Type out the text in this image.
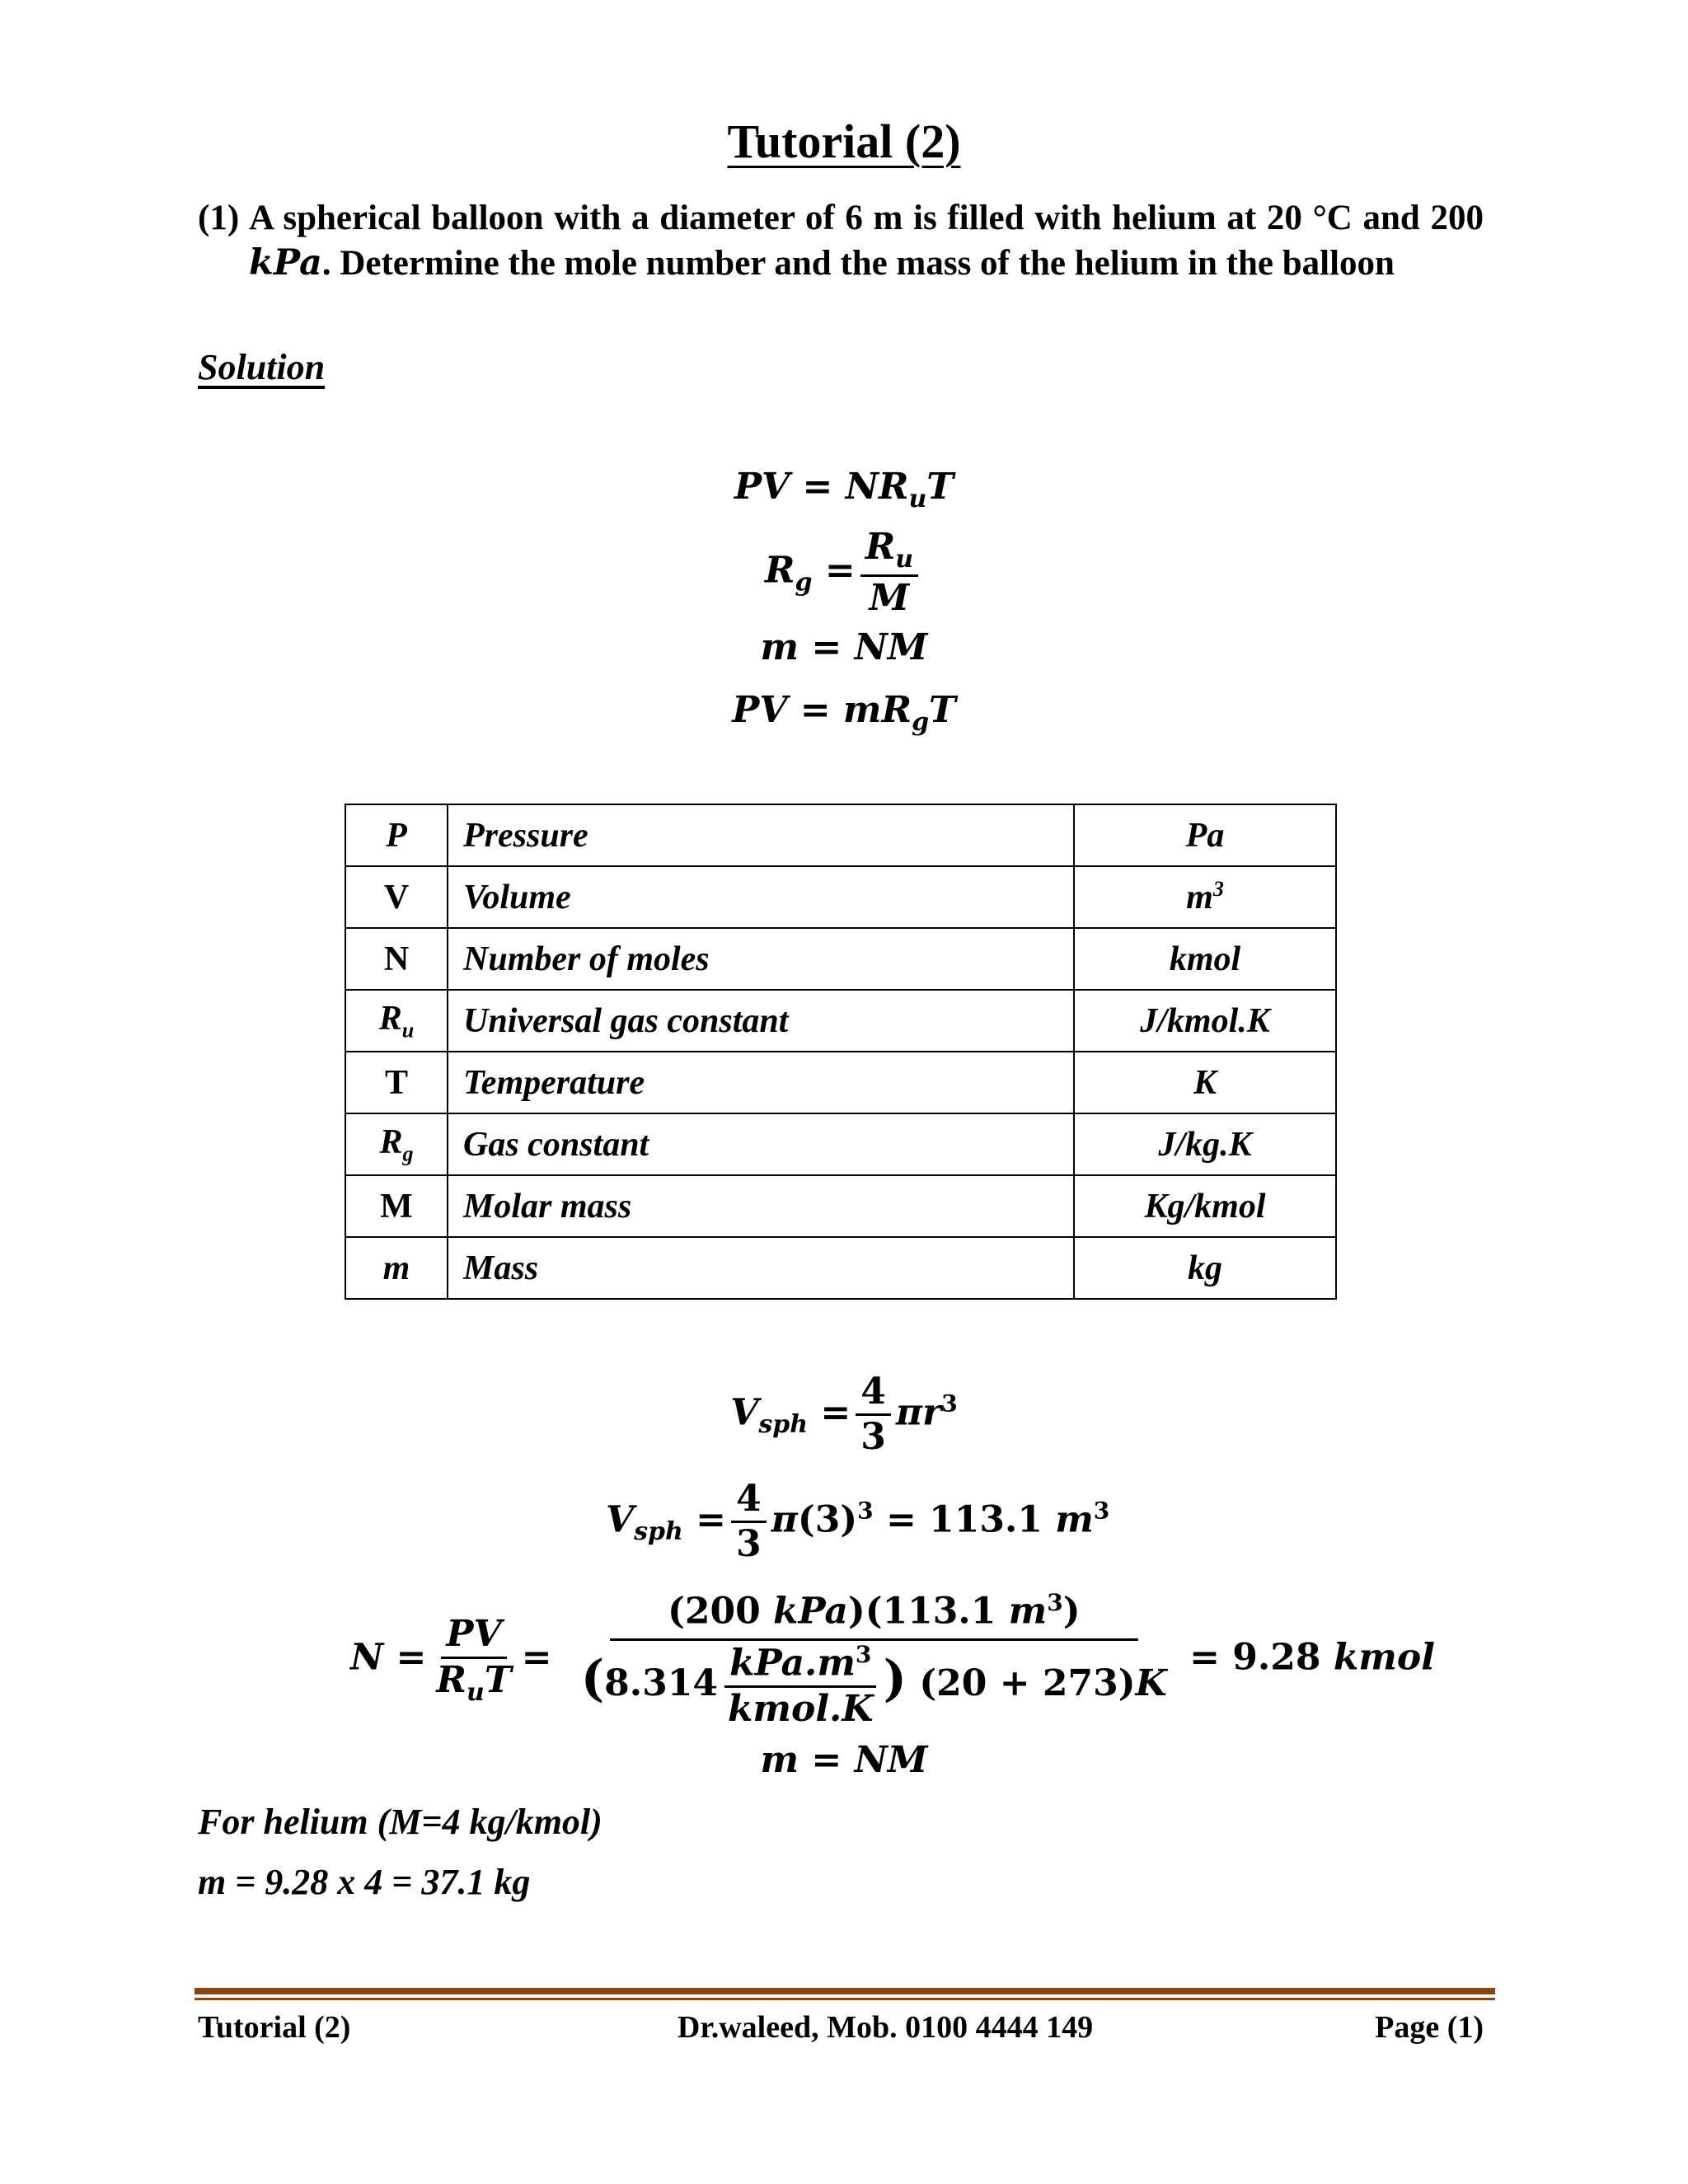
Tutorial (2)
(1) A spherical balloon with a diameter of 6 m is filled with helium at 20 °C and 200 kPa. Determine the mole number and the mass of the helium in the balloon
Solution
PV = $NR_uT$
$R_g = \frac{R_u}{M}$
m = NM
PV = $mR_gT$
P	Pressure	Pa
V	Volume	$m^3$
N	Number of moles	kmol
$R_u$	Universal gas constant	J/kmol.K
T	Temperature	K
$R_g$	Gas constant	J/kg.K
M	Molar mass	Kg/kmol
m	Mass	kg
$V_{sph} = \frac{4}{3} \pi r^3$
$V_{sph} = \frac{4}{3} \pi(3)^3 = 113.1$ $m^3$
$N = \frac{PV}{R_uT} = \frac{(200 kPa)(113.1 m^3)}{(8.314 \frac{kPa.m^3}{\text{kmol.K}} ) (20 + 273)K} = 9.28$ kmol
m = NM
For helium (M=4 kg/kmol)
m = 9.28 x 4 = 37.1 kg
Tutorial (2)	Dr.waleed, Mob. 0100 4444 149	Page (1)
